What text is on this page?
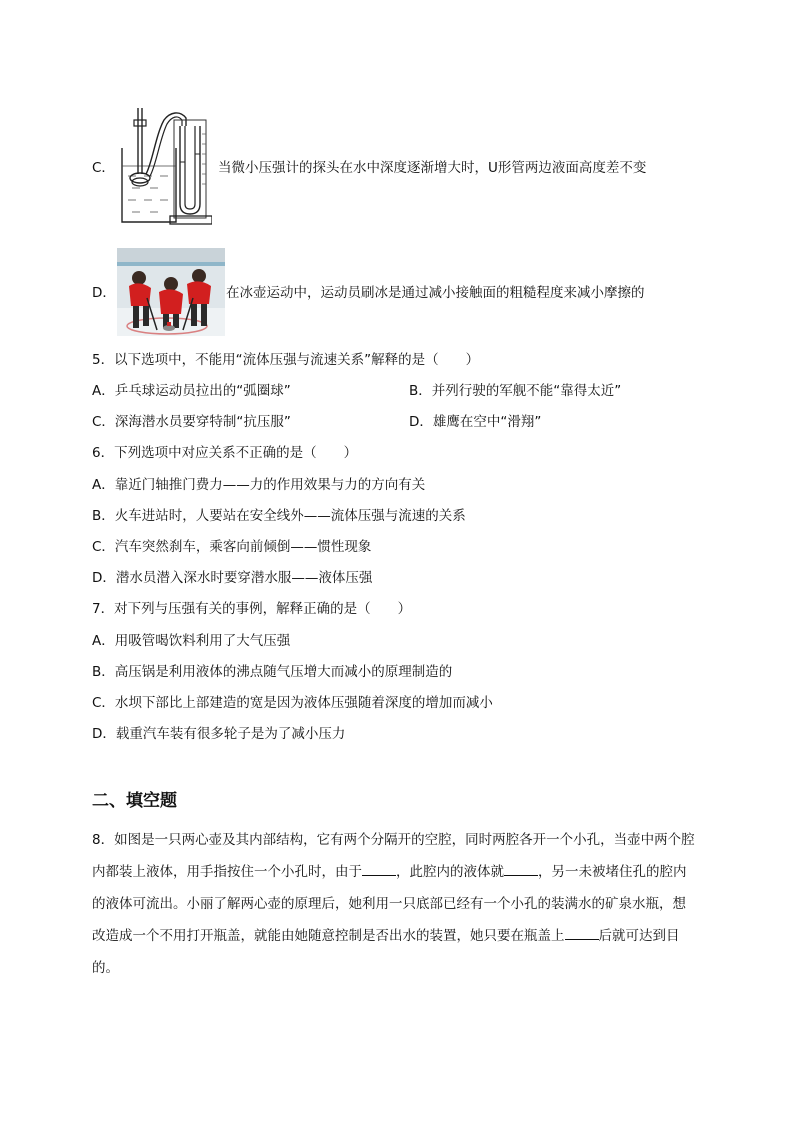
C．	当微小压强计的探头在水中深度逐渐增大时，U形管两边液面高度差不变
D．	在冰壶运动中，运动员刷冰是通过减小接触面的粗糙程度来减小摩擦的
5．以下选项中，不能用“流体压强与流速关系”解释的是（　　）
A．乒乓球运动员拉出的“弧圈球”	B．并列行驶的军舰不能“靠得太近”
C．深海潜水员要穿特制“抗压服”	D．雄鹰在空中“滑翔”
6．下列选项中对应关系不正确的是（　　）
A．靠近门轴推门费力——力的作用效果与力的方向有关
B．火车进站时，人要站在安全线外——流体压强与流速的关系
C．汽车突然刹车，乘客向前倾倒——惯性现象
D．潜水员潜入深水时要穿潜水服——液体压强
7．对下列与压强有关的事例，解释正确的是（　　）
A．用吸管喝饮料利用了大气压强
B．高压锅是利用液体的沸点随气压增大而减小的原理制造的
C．水坝下部比上部建造的宽是因为液体压强随着深度的增加而减小
D．载重汽车装有很多轮子是为了减小压力
二、填空题
8．如图是一只两心壶及其内部结构，它有两个分隔开的空腔，同时两腔各开一个小孔，当壶中两个腔内都装上液体，用手指按住一个小孔时，由于	，此腔内的液体就	，另一未被堵住孔的腔内的液体可流出。小丽了解两心壶的原理后，她利用一只底部已经有一个小孔的装满水的矿泉水瓶，想改造成一个不用打开瓶盖，就能由她随意控制是否出水的装置，她只要在瓶盖上	后就可达到目的。
